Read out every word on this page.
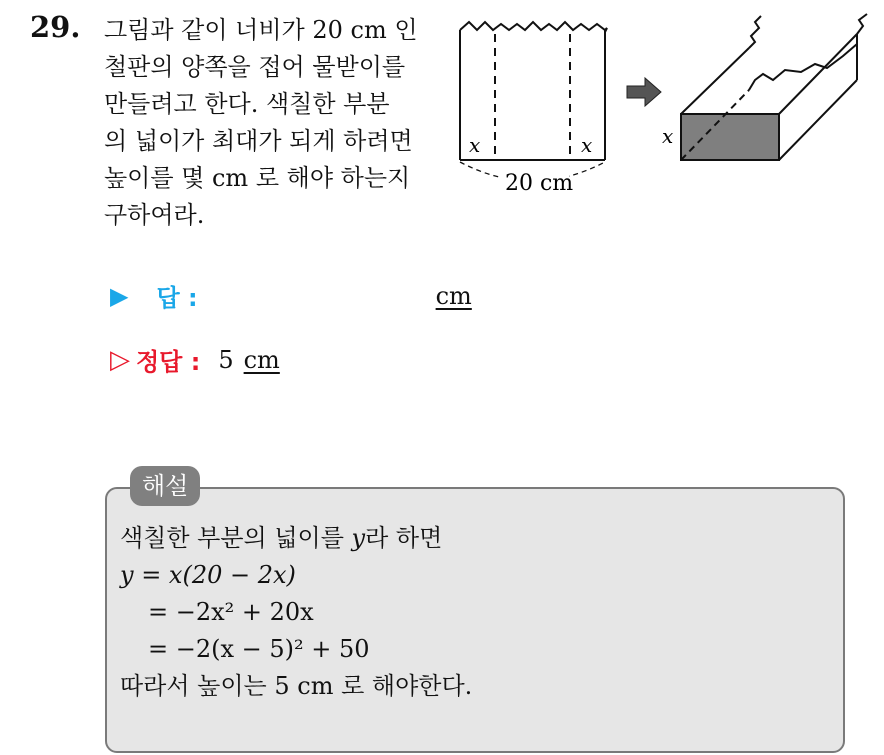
29. 그림과 같이 너비가 20 cm 인
철판의 양쪽을 접어 물받이를
만들려고 한다. 색칠한 부분
의 넓이가 최대가 되게 하려면
높이를 몇 cm 로 해야 하는지
구하여라.
x	x
20 cm
x
▶ 답 :	cm
▷ 정답 : 5 cm
해설
색칠한 부분의 넓이를 y라 하면
y = x(20 − 2x)
= −2x² + 20x
= −2(x − 5)² + 50
따라서 높이는 5 cm 로 해야한다.
